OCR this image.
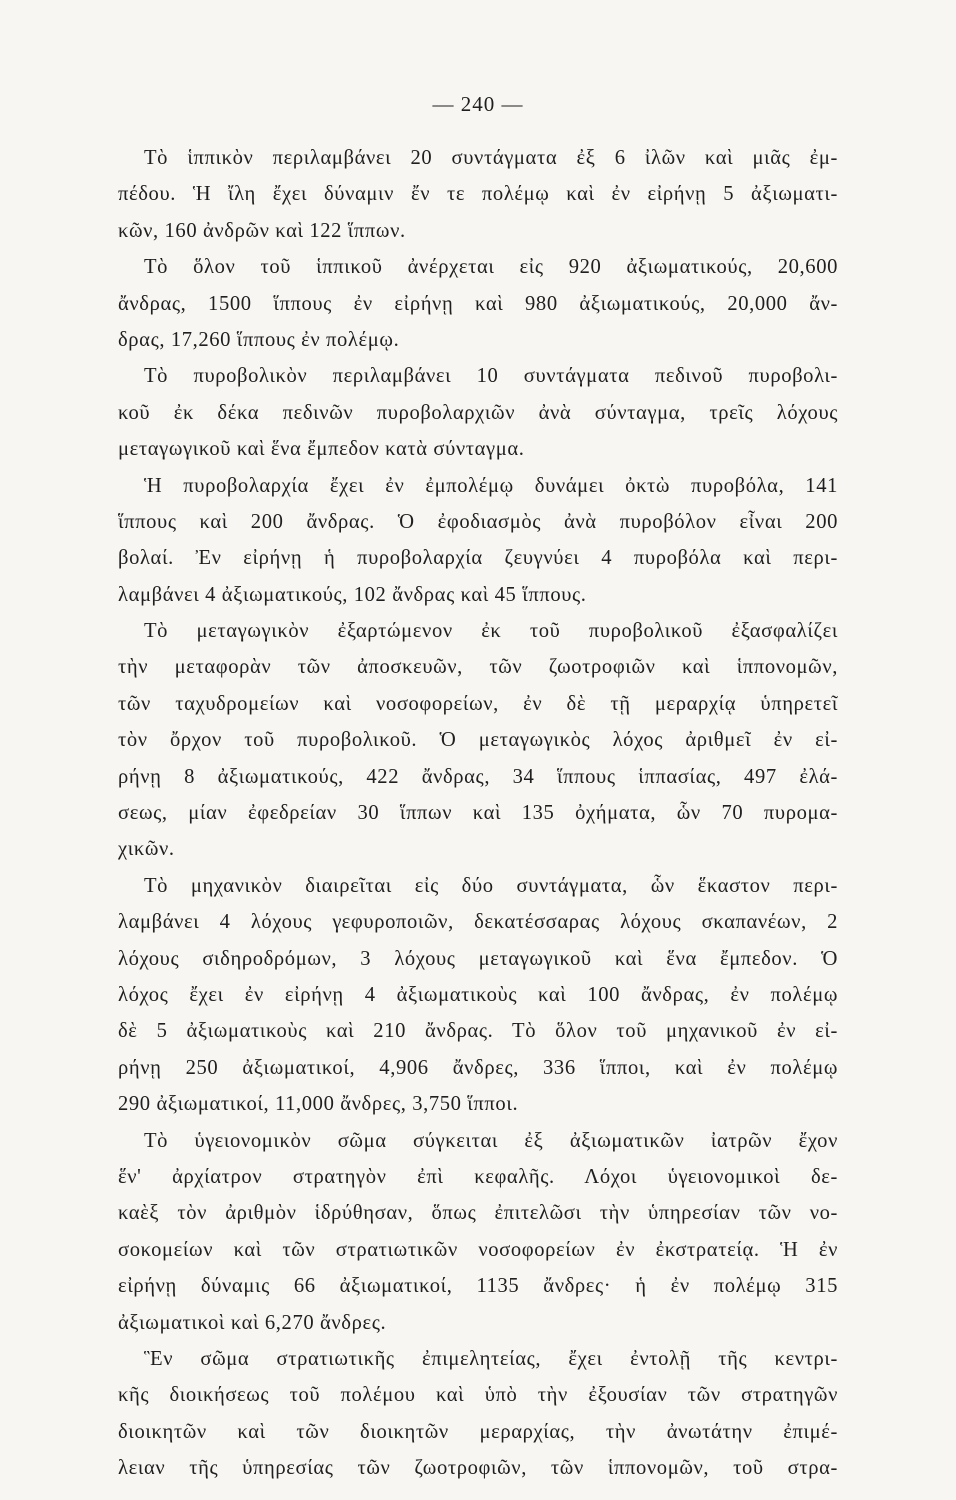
— 240 —
Τὸ ἱππικὸν περιλαμβάνει 20 συντάγματα ἐξ 6 ἰλῶν καὶ μιᾶς ἐμ-
πέδου. Ἡ ἴλη ἔχει δύναμιν ἔν τε πολέμῳ καὶ ἐν εἰρήνῃ 5 ἀξιωματι-
κῶν, 160 ἀνδρῶν καὶ 122 ἵππων.
Τὸ ὅλον τοῦ ἱππικοῦ ἀνέρχεται εἰς 920 ἀξιωματικούς, 20,600
ἄνδρας, 1500 ἵππους ἐν εἰρήνῃ καὶ 980 ἀξιωματικούς, 20,000 ἄν-
δρας, 17,260 ἵππους ἐν πολέμῳ.
Τὸ πυροβολικὸν περιλαμβάνει 10 συντάγματα πεδινοῦ πυροβολι-
κοῦ ἐκ δέκα πεδινῶν πυροβολαρχιῶν ἀνὰ σύνταγμα, τρεῖς λόχους
μεταγωγικοῦ καὶ ἕνα ἔμπεδον κατὰ σύνταγμα.
Ἡ πυροβολαρχία ἔχει ἐν ἐμπολέμῳ δυνάμει ὀκτὼ πυροβόλα, 141
ἵππους καὶ 200 ἄνδρας. Ὁ ἐφοδιασμὸς ἀνὰ πυροβόλον εἶναι 200
βολαί. Ἐν εἰρήνῃ ἡ πυροβολαρχία ζευγνύει 4 πυροβόλα καὶ περι-
λαμβάνει 4 ἀξιωματικούς, 102 ἄνδρας καὶ 45 ἵππους.
Τὸ μεταγωγικὸν ἐξαρτώμενον ἐκ τοῦ πυροβολικοῦ ἐξασφαλίζει
τὴν μεταφορὰν τῶν ἀποσκευῶν, τῶν ζωοτροφιῶν καὶ ἱππονομῶν,
τῶν ταχυδρομείων καὶ νοσοφορείων, ἐν δὲ τῇ μεραρχίᾳ ὑπηρετεῖ
τὸν ὄρχον τοῦ πυροβολικοῦ. Ὁ μεταγωγικὸς λόχος ἀριθμεῖ ἐν εἰ-
ρήνῃ 8 ἀξιωματικούς, 422 ἄνδρας, 34 ἵππους ἱππασίας, 497 ἐλά-
σεως, μίαν ἐφεδρείαν 30 ἵππων καὶ 135 ὀχήματα, ὧν 70 πυρομα-
χικῶν.
Τὸ μηχανικὸν διαιρεῖται εἰς δύο συντάγματα, ὧν ἕκαστον περι-
λαμβάνει 4 λόχους γεφυροποιῶν, δεκατέσσαρας λόχους σκαπανέων, 2
λόχους σιδηροδρόμων, 3 λόχους μεταγωγικοῦ καὶ ἕνα ἔμπεδον. Ὁ
λόχος ἔχει ἐν εἰρήνῃ 4 ἀξιωματικοὺς καὶ 100 ἄνδρας, ἐν πολέμῳ
δὲ 5 ἀξιωματικοὺς καὶ 210 ἄνδρας. Τὸ ὅλον τοῦ μηχανικοῦ ἐν εἰ-
ρήνῃ 250 ἀξιωματικοί, 4,906 ἄνδρες, 336 ἵπποι, καὶ ἐν πολέμῳ
290 ἀξιωματικοί, 11,000 ἄνδρες, 3,750 ἵπποι.
Τὸ ὑγειονομικὸν σῶμα σύγκειται ἐξ ἀξιωματικῶν ἰατρῶν ἔχον
ἕν' ἀρχίατρον στρατηγὸν ἐπὶ κεφαλῆς. Λόχοι ὑγειονομικοὶ δε-
καὲξ τὸν ἀριθμὸν ἱδρύθησαν, ὅπως ἐπιτελῶσι τὴν ὑπηρεσίαν τῶν νο-
σοκομείων καὶ τῶν στρατιωτικῶν νοσοφορείων ἐν ἐκστρατείᾳ. Ἡ ἐν
εἰρήνῃ δύναμις 66 ἀξιωματικοί, 1135 ἄνδρες· ἡ ἐν πολέμῳ 315
ἀξιωματικοὶ καὶ 6,270 ἄνδρες.
Ἓν σῶμα στρατιωτικῆς ἐπιμελητείας, ἔχει ἐντολῇ τῆς κεντρι-
κῆς διοικήσεως τοῦ πολέμου καὶ ὑπὸ τὴν ἐξουσίαν τῶν στρατηγῶν
διοικητῶν καὶ τῶν διοικητῶν μεραρχίας, τὴν ἀνωτάτην ἐπιμέ-
λειαν τῆς ὑπηρεσίας τῶν ζωοτροφιῶν, τῶν ἱππονομῶν, τοῦ στρα-
